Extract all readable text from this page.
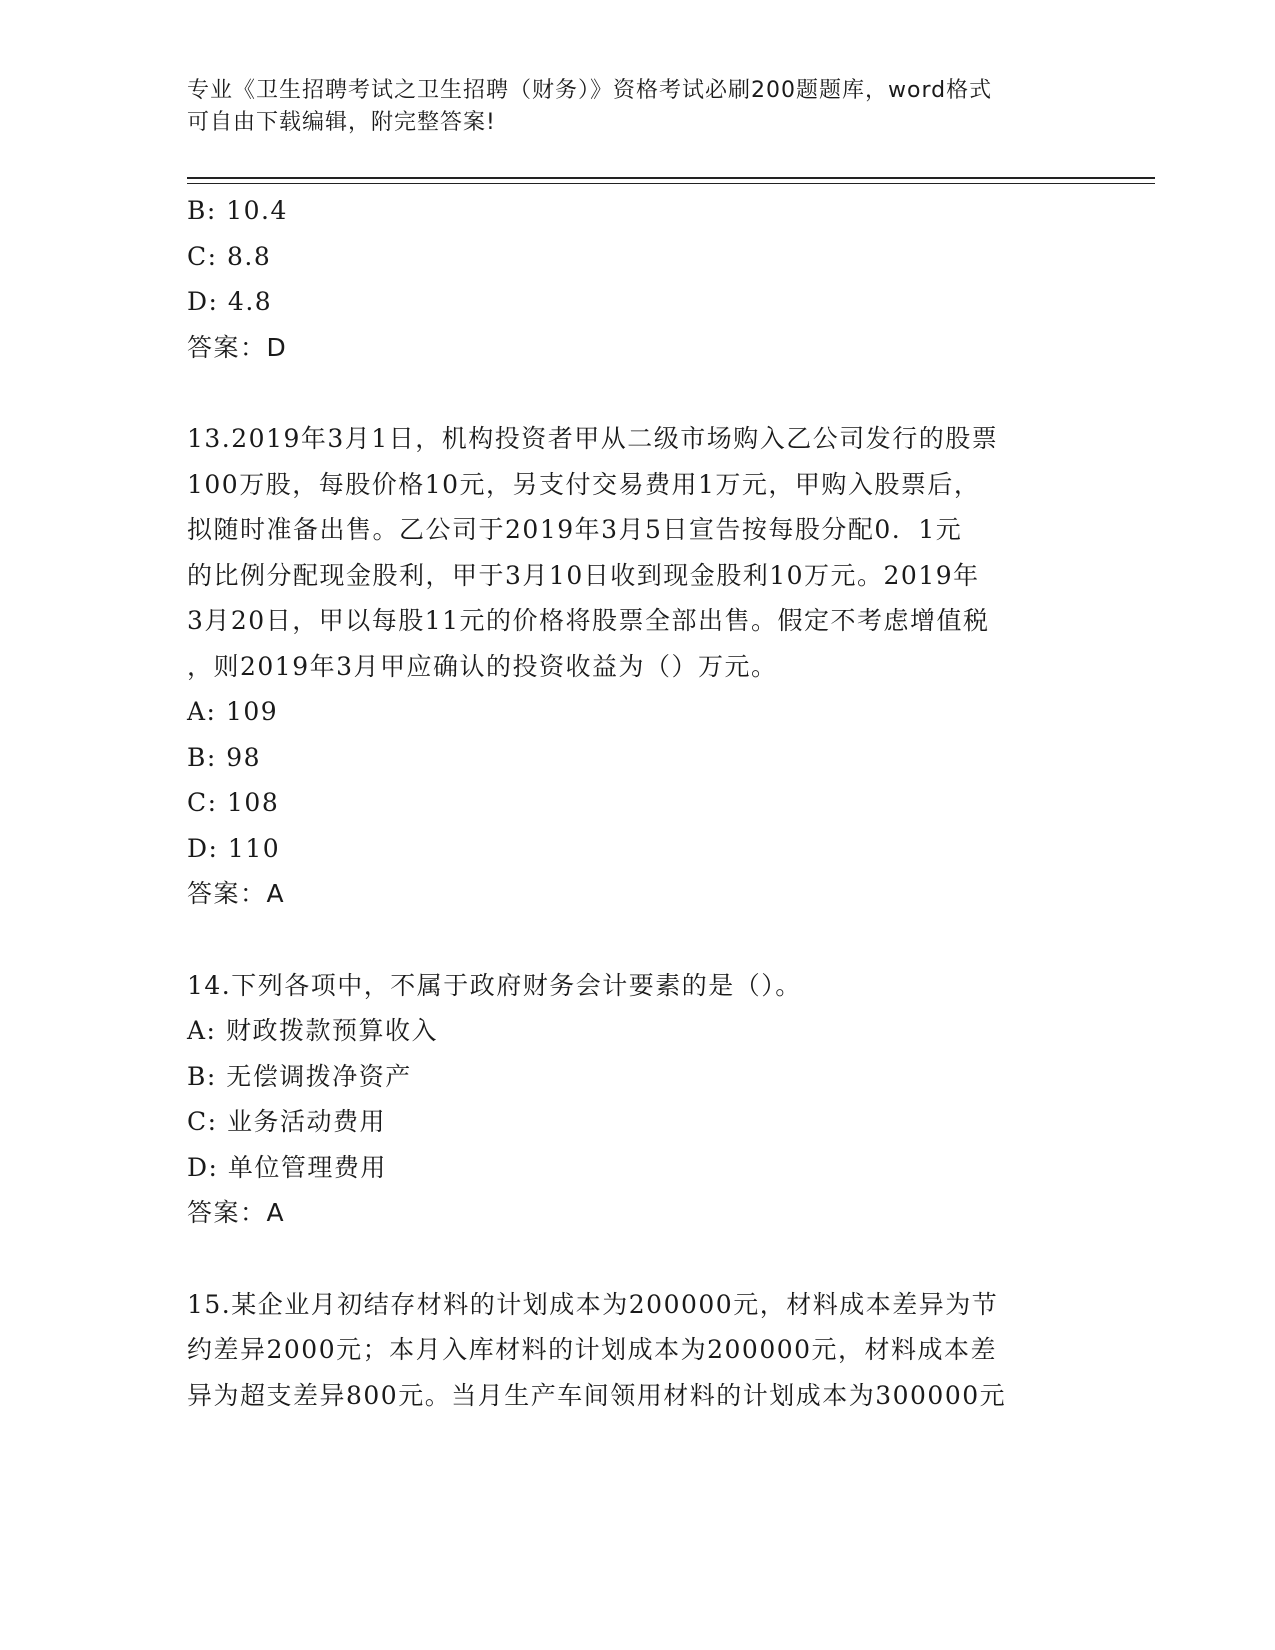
专业《卫生招聘考试之卫生招聘（财务）》资格考试必刷200题题库，word格式
可自由下载编辑，附完整答案!
B: 10.4
C: 8.8
D: 4.8
答案：D
13.2019年3月1日，机构投资者甲从二级市场购入乙公司发行的股票
100万股，每股价格10元，另支付交易费用1万元，甲购入股票后，
拟随时准备出售。乙公司于2019年3月5日宣告按每股分配0．1元
的比例分配现金股利，甲于3月10日收到现金股利10万元。2019年
3月20日，甲以每股11元的价格将股票全部出售。假定不考虑增值税
，则2019年3月甲应确认的投资收益为（）万元。
A: 109
B: 98
C: 108
D: 110
答案：A
14.下列各项中，不属于政府财务会计要素的是（）。
A: 财政拨款预算收入
B: 无偿调拨净资产
C: 业务活动费用
D: 单位管理费用
答案：A
15.某企业月初结存材料的计划成本为200000元，材料成本差异为节
约差异2000元；本月入库材料的计划成本为200000元，材料成本差
异为超支差异800元。当月生产车间领用材料的计划成本为300000元
